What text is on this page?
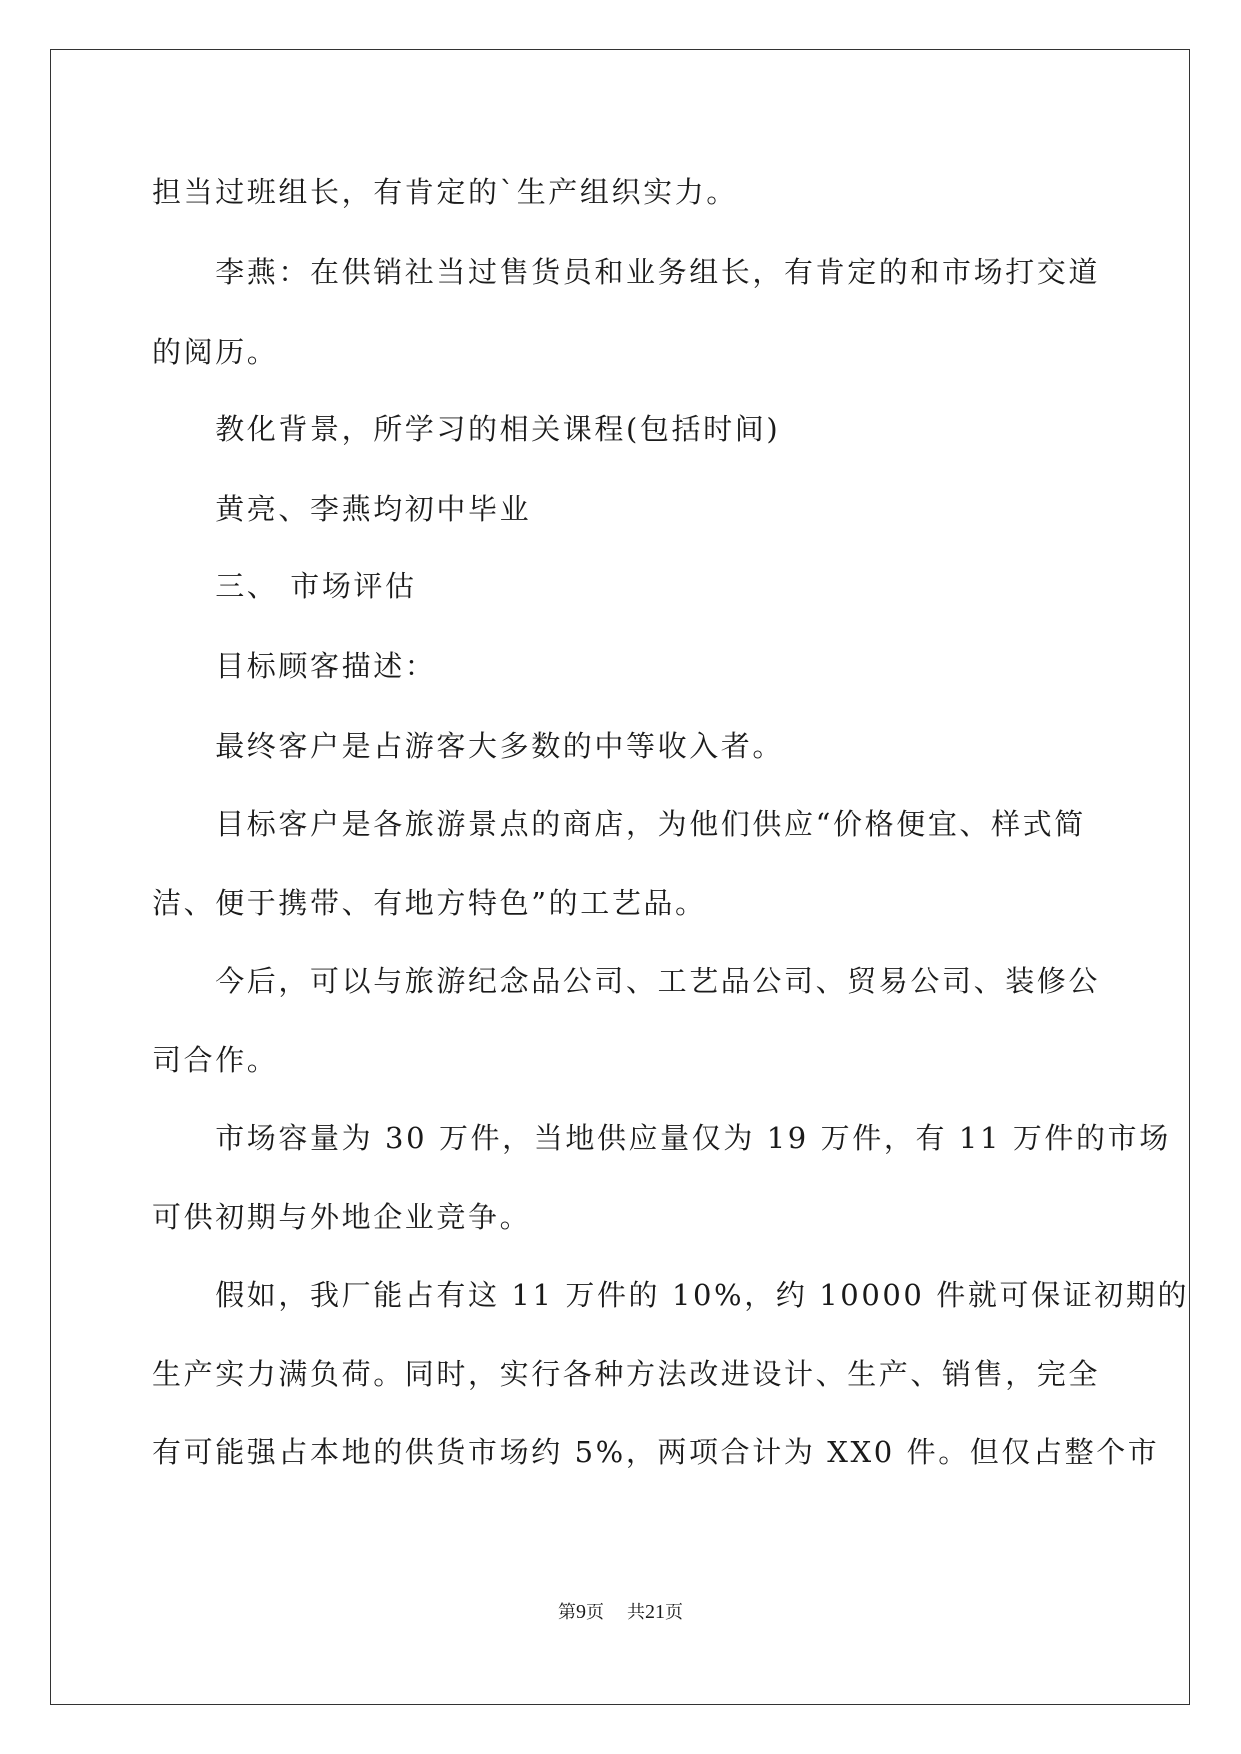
担当过班组长，有肯定的`生产组织实力。
　　李燕：在供销社当过售货员和业务组长，有肯定的和市场打交道
的阅历。
　　教化背景，所学习的相关课程(包括时间)
　　黄亮、李燕均初中毕业
　　三、 市场评估
　　目标顾客描述：
　　最终客户是占游客大多数的中等收入者。
　　目标客户是各旅游景点的商店，为他们供应“价格便宜、样式简
洁、便于携带、有地方特色”的工艺品。
　　今后，可以与旅游纪念品公司、工艺品公司、贸易公司、装修公
司合作。
　　市场容量为 30 万件，当地供应量仅为 19 万件，有 11 万件的市场
可供初期与外地企业竞争。
　　假如，我厂能占有这 11 万件的 10%，约 10000 件就可保证初期的
生产实力满负荷。同时，实行各种方法改进设计、生产、销售，完全
有可能强占本地的供货市场约 5%，两项合计为 XX0 件。但仅占整个市
第9页 共21页
